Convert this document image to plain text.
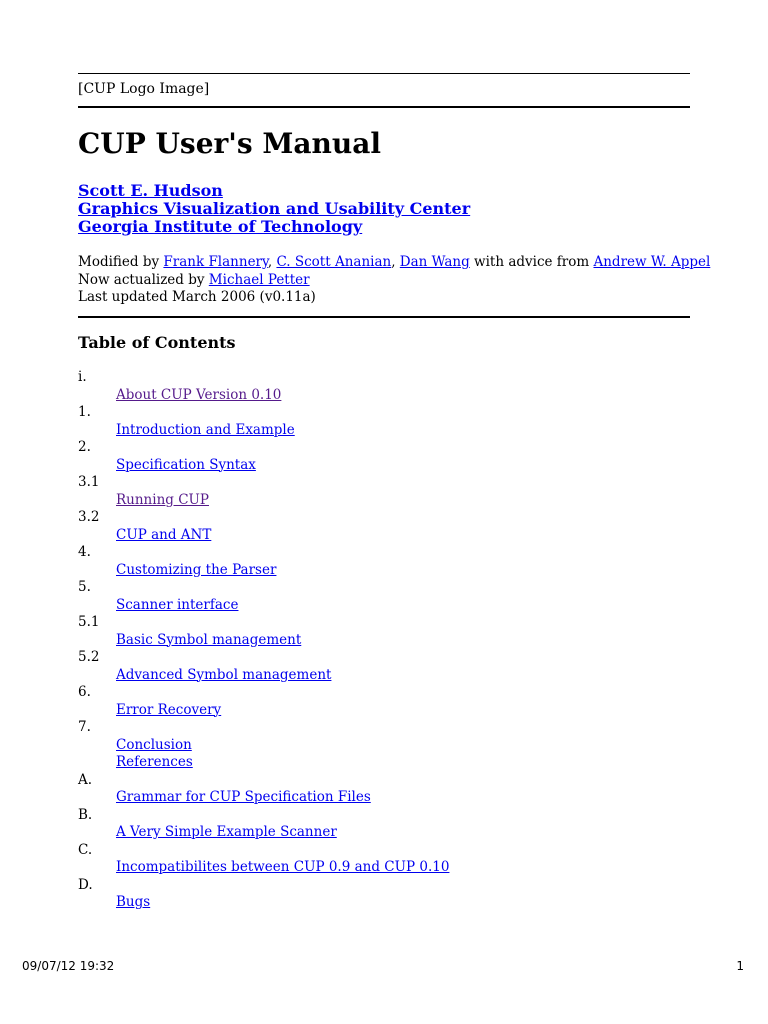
[CUP Logo Image]
CUP User's Manual
Scott E. Hudson
Graphics Visualization and Usability Center
Georgia Institute of Technology
Modified by Frank Flannery, C. Scott Ananian, Dan Wang with advice from Andrew W. Appel
Now actualized by Michael Petter
Last updated March 2006 (v0.11a)
Table of Contents
i.
About CUP Version 0.10
1.
Introduction and Example
2.
Specification Syntax
3.1
Running CUP
3.2
CUP and ANT
4.
Customizing the Parser
5.
Scanner interface
5.1
Basic Symbol management
5.2
Advanced Symbol management
6.
Error Recovery
7.
Conclusion
References
A.
Grammar for CUP Specification Files
B.
A Very Simple Example Scanner
C.
Incompatibilites between CUP 0.9 and CUP 0.10
D.
Bugs
09/07/12 19:32	1
